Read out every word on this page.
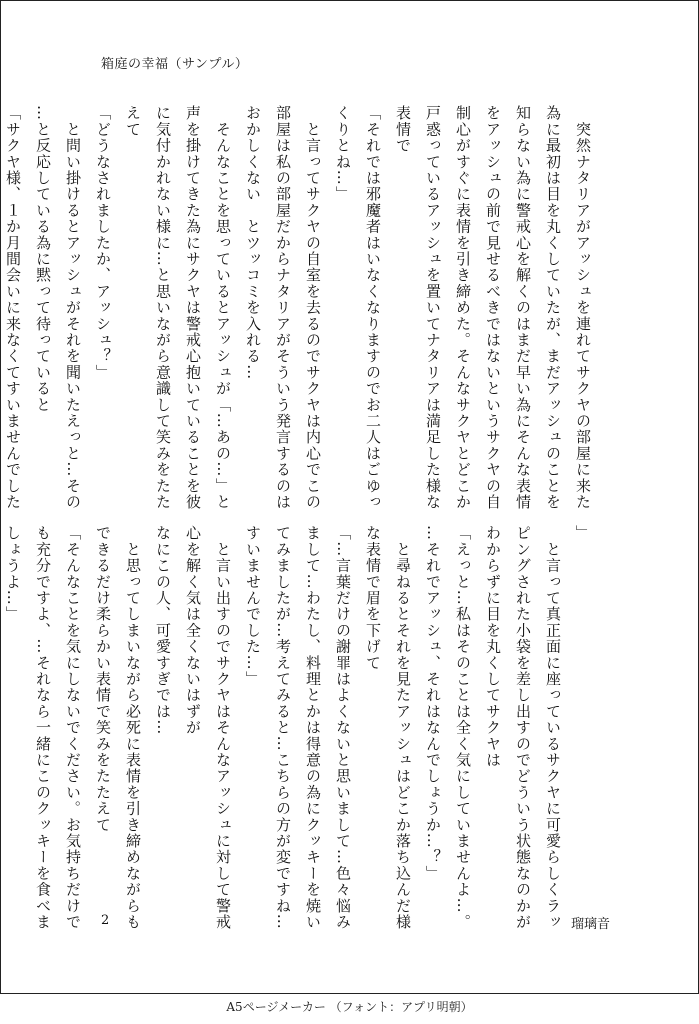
箱庭の幸福（サンプル）
　突然ナタリアがアッシュを連れてサクヤの部屋に来た
為に最初は目を丸くしていたが、まだアッシュのことを
知らない為に警戒心を解くのはまだ早い為にそんな表情
をアッシュの前で見せるべきではないというサクヤの自
制心がすぐに表情を引き締めた。そんなサクヤとどこか
戸惑っているアッシュを置いてナタリアは満足した様な
表情で
「それでは邪魔者はいなくなりますのでお二人はごゆっ
くりとね…」
　と言ってサクヤの自室を去るのでサクヤは内心でこの
部屋は私の部屋だからナタリアがそういう発言するのは
おかしくない　とツッコミを入れる…
　そんなことを思っているとアッシュが「…あの…」と
声を掛けてきた為にサクヤは警戒心抱いていることを彼
に気付かれない様に…と思いながら意識して笑みをたた
えて
「どうなされましたか、アッシュ？」
　と問い掛けるとアッシュがそれを聞いたえっと…その
…と反応している為に黙って待っていると
「サクヤ様、１か月間会いに来なくてすいませんでした
」
　と言って真正面に座っているサクヤに可愛らしくラッ
ピングされた小袋を差し出すのでどういう状態なのかが
わからずに目を丸くしてサクヤは
「えっと…私はそのことは全く気にしていませんよ…。
…それでアッシュ、それはなんでしょうか…？」
　と尋ねるとそれを見たアッシュはどこか落ち込んだ様
な表情で眉を下げて
「…言葉だけの謝罪はよくないと思いまして…色々悩み
まして…わたし、料理とかは得意の為にクッキーを焼い
てみましたが…考えてみると…こちらの方が変ですね…
すいませんでした…」
　と言い出すのでサクヤはそんなアッシュに対して警戒
心を解く気は全くないはずが
なにこの人、可愛すぎでは…
　と思ってしまいながら必死に表情を引き締めながらも
できるだけ柔らかい表情で笑みをたたえて
「そんなことを気にしないでください。お気持ちだけで
も充分ですよ、…それなら一緒にこのクッキーを食べま
しょうよ…」
2	瑠璃音
A5ページメーカー （フォント：アプリ明朝）
